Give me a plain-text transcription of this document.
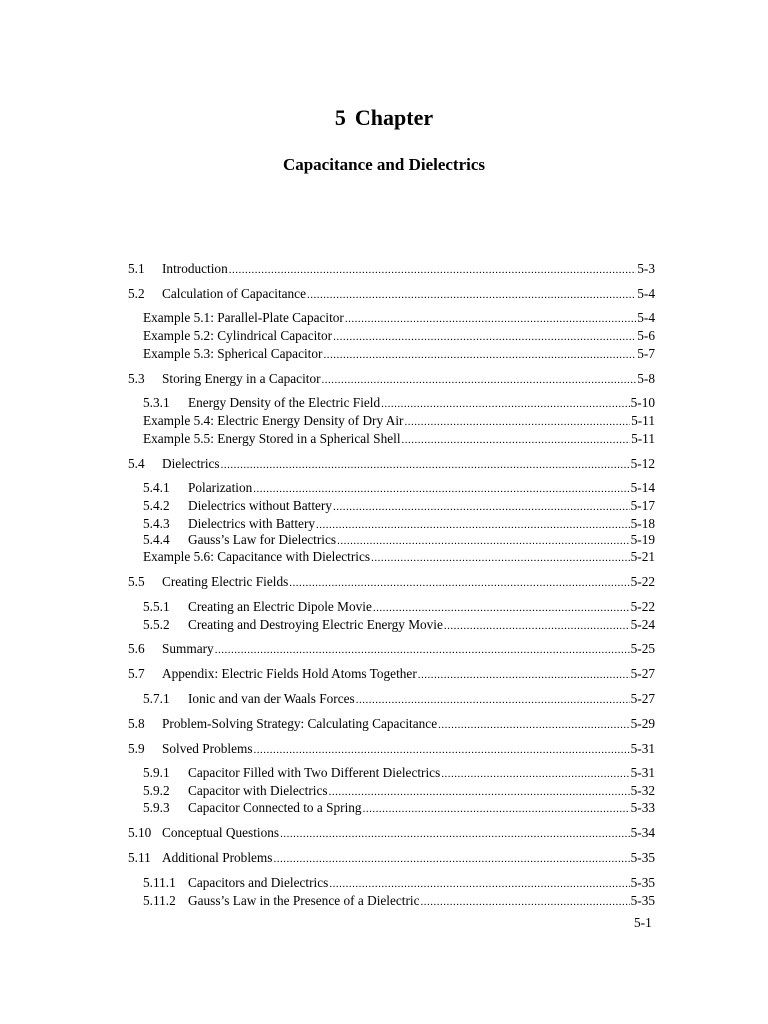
5 Chapter
Capacitance and Dielectrics
5.1	Introduction .....	5-3
5.2	Calculation of Capacitance .....	5-4
Example 5.1: Parallel-Plate Capacitor .....	5-4
Example 5.2: Cylindrical Capacitor .....	5-6
Example 5.3: Spherical Capacitor .....	5-7
5.3	Storing Energy in a Capacitor .....	5-8
5.3.1	Energy Density of the Electric Field .....	5-10
Example 5.4: Electric Energy Density of Dry Air .....	5-11
Example 5.5: Energy Stored in a Spherical Shell .....	5-11
5.4	Dielectrics .....	5-12
5.4.1	Polarization .....	5-14
5.4.2	Dielectrics without Battery .....	5-17
5.4.3	Dielectrics with Battery .....	5-18
5.4.4	Gauss’s Law for Dielectrics .....	5-19
Example 5.6: Capacitance with Dielectrics .....	5-21
5.5	Creating Electric Fields .....	5-22
5.5.1	Creating an Electric Dipole Movie .....	5-22
5.5.2	Creating and Destroying Electric Energy Movie .....	5-24
5.6	Summary .....	5-25
5.7	Appendix: Electric Fields Hold Atoms Together .....	5-27
5.7.1	Ionic and van der Waals Forces .....	5-27
5.8	Problem-Solving Strategy: Calculating Capacitance .....	5-29
5.9	Solved Problems .....	5-31
5.9.1	Capacitor Filled with Two Different Dielectrics .....	5-31
5.9.2	Capacitor with Dielectrics .....	5-32
5.9.3	Capacitor Connected to a Spring .....	5-33
5.10 Conceptual Questions .....	5-34
5.11 Additional Problems .....	5-35
5.11.1 Capacitors and Dielectrics .....	5-35
5.11.2 Gauss’s Law in the Presence of a Dielectric .....	5-35
5-1
